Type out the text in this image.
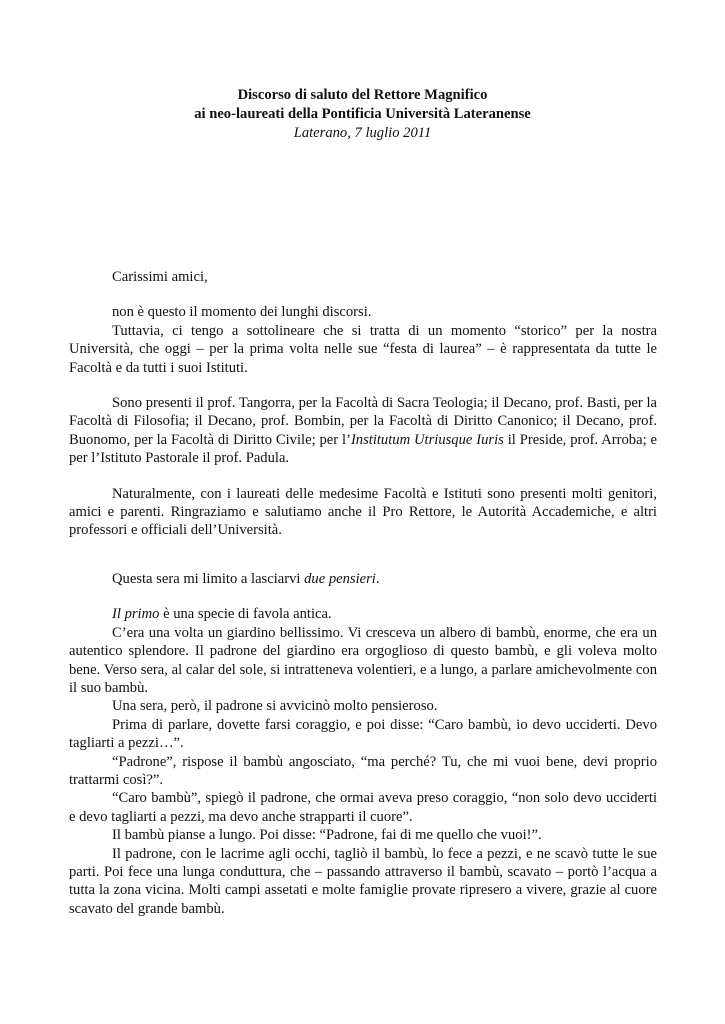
Discorso di saluto del Rettore Magnifico
ai neo-laureati della Pontificia Università Lateranense
Laterano, 7 luglio 2011

Carissimi amici,

non è questo il momento dei lunghi discorsi.

Tuttavia, ci tengo a sottolineare che si tratta di un momento “storico” per la nostra Università, che oggi – per la prima volta nelle sue “festa di laurea” – è rappresentata da tutte le Facoltà e da tutti i suoi Istituti.

Sono presenti il prof. Tangorra, per la Facoltà di Sacra Teologia; il Decano, prof. Basti, per la Facoltà di Filosofia; il Decano, prof. Bombin, per la Facoltà di Diritto Canonico; il Decano, prof. Buonomo, per la Facoltà di Diritto Civile; per l’Institutum Utriusque Iuris il Preside, prof. Arroba; e per l’Istituto Pastorale il prof. Padula.

Naturalmente, con i laureati delle medesime Facoltà e Istituti sono presenti molti genitori, amici e parenti. Ringraziamo e salutiamo anche il Pro Rettore, le Autorità Accademiche, e altri professori e officiali dell’Università.

Questa sera mi limito a lasciarvi due pensieri.

Il primo è una specie di favola antica.

C’era una volta un giardino bellissimo. Vi cresceva un albero di bambù, enorme, che era un autentico splendore. Il padrone del giardino era orgoglioso di questo bambù, e gli voleva molto bene. Verso sera, al calar del sole, si intratteneva volentieri, e a lungo, a parlare amichevolmente con il suo bambù.

Una sera, però, il padrone si avvicinò molto pensieroso.

Prima di parlare, dovette farsi coraggio, e poi disse: “Caro bambù, io devo ucciderti. Devo tagliarti a pezzi…”.

“Padrone”, rispose il bambù angosciato, “ma perché? Tu, che mi vuoi bene, devi proprio trattarmi così?”.

“Caro bambù”, spiegò il padrone, che ormai aveva preso coraggio, “non solo devo ucciderti e devo tagliarti a pezzi, ma devo anche strapparti il cuore”.

Il bambù pianse a lungo. Poi disse: “Padrone, fai di me quello che vuoi!”.

Il padrone, con le lacrime agli occhi, tagliò il bambù, lo fece a pezzi, e ne scavò tutte le sue parti. Poi fece una lunga conduttura, che – passando attraverso il bambù, scavato – portò l’acqua a tutta la zona vicina. Molti campi assetati e molte famiglie provate ripresero a vivere, grazie al cuore scavato del grande bambù.
